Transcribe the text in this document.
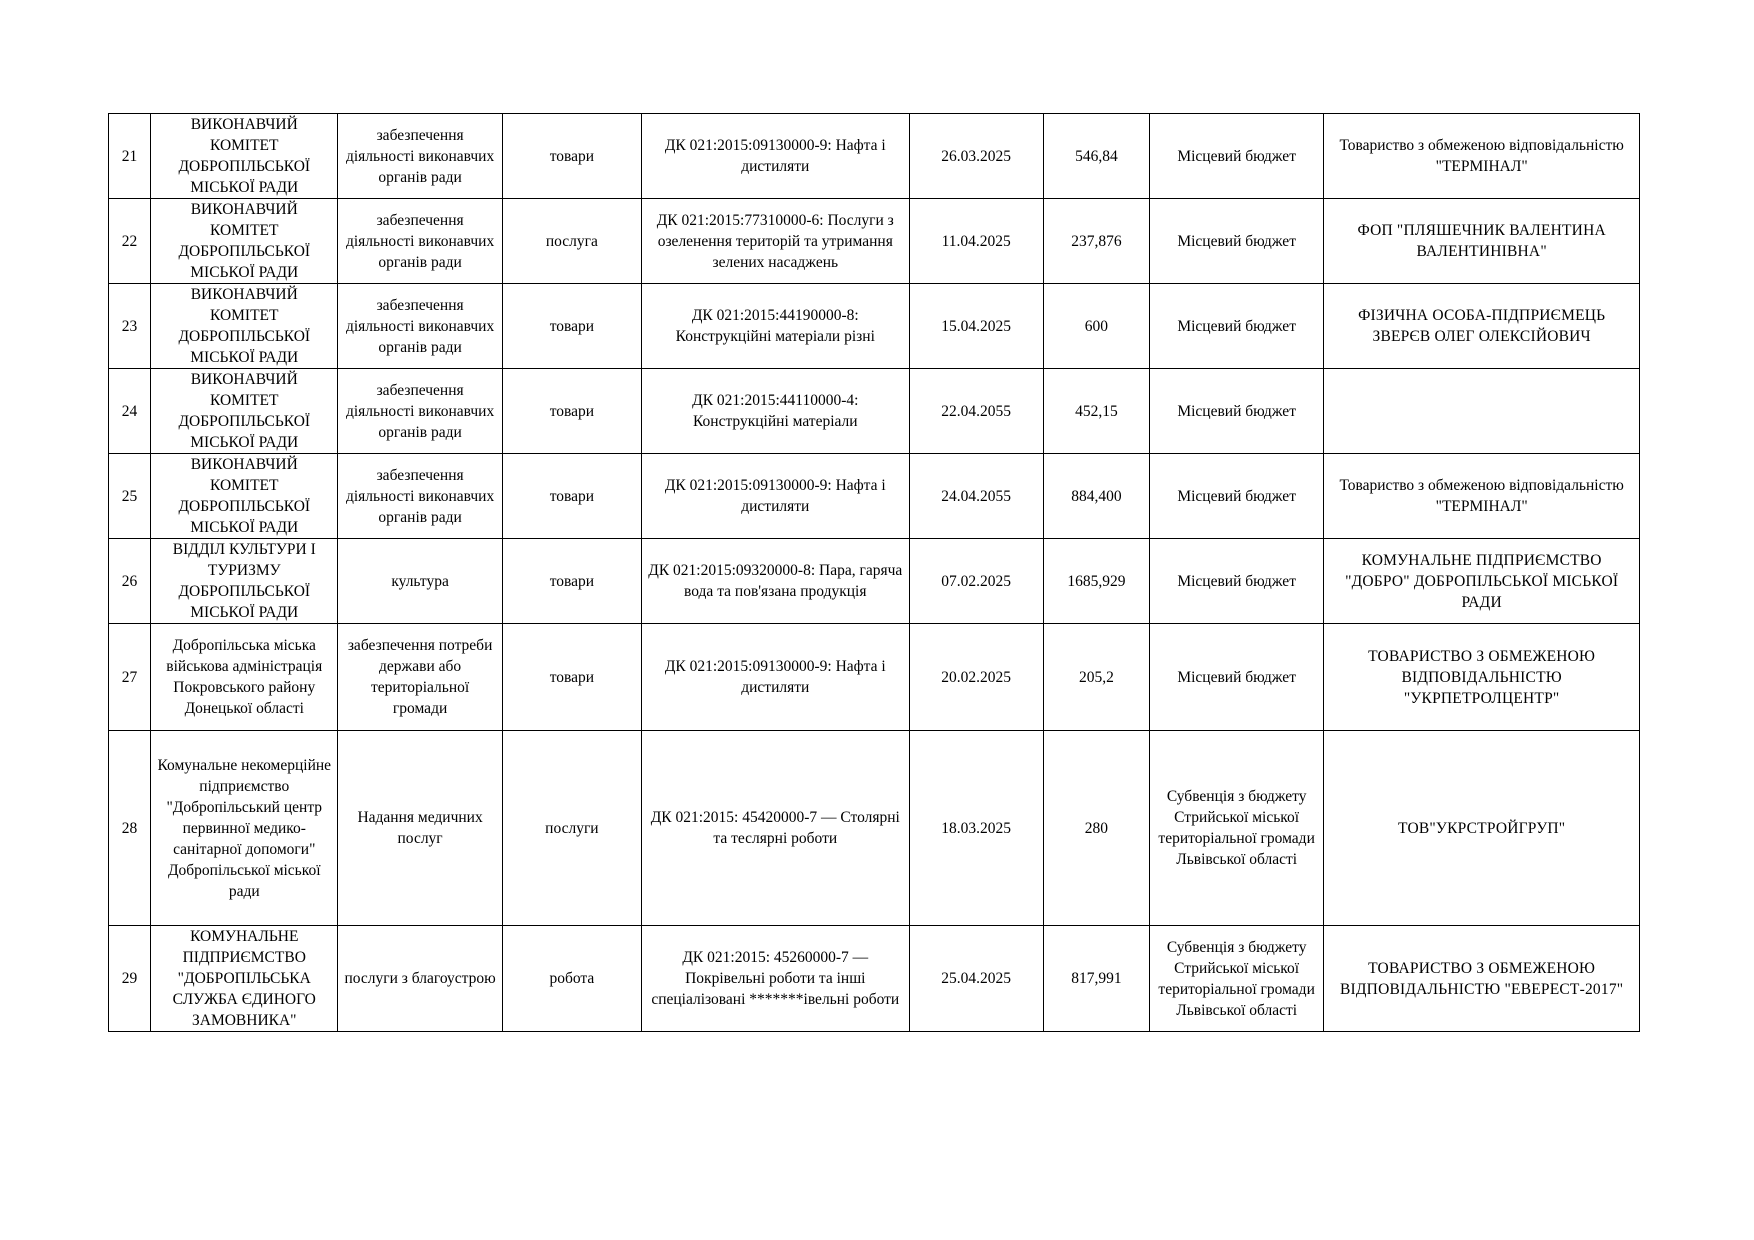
21	ВИКОНАВЧИЙ КОМІТЕТ ДОБРОПІЛЬСЬКОЇ МІСЬКОЇ РАДИ	забезпечення діяльності виконавчих органів ради	товари	ДК 021:2015:09130000-9: Нафта і дистиляти	26.03.2025	546,84	Місцевий бюджет	Товариство з обмеженою відповідальністю "ТЕРМІНАЛ"
22	ВИКОНАВЧИЙ КОМІТЕТ ДОБРОПІЛЬСЬКОЇ МІСЬКОЇ РАДИ	забезпечення діяльності виконавчих органів ради	послуга	ДК 021:2015:77310000-6: Послуги з озеленення територій та утримання зелених насаджень	11.04.2025	237,876	Місцевий бюджет	ФОП "ПЛЯШЕЧНИК ВАЛЕНТИНА ВАЛЕНТИНІВНА"
23	ВИКОНАВЧИЙ КОМІТЕТ ДОБРОПІЛЬСЬКОЇ МІСЬКОЇ РАДИ	забезпечення діяльності виконавчих органів ради	товари	ДК 021:2015:44190000-8: Конструкційні матеріали різні	15.04.2025	600	Місцевий бюджет	ФІЗИЧНА ОСОБА-ПІДПРИЄМЕЦЬ ЗВЕРЄВ ОЛЕГ ОЛЕКСІЙОВИЧ
24	ВИКОНАВЧИЙ КОМІТЕТ ДОБРОПІЛЬСЬКОЇ МІСЬКОЇ РАДИ	забезпечення діяльності виконавчих органів ради	товари	ДК 021:2015:44110000-4: Конструкційні матеріали	22.04.2055	452,15	Місцевий бюджет	
25	ВИКОНАВЧИЙ КОМІТЕТ ДОБРОПІЛЬСЬКОЇ МІСЬКОЇ РАДИ	забезпечення діяльності виконавчих органів ради	товари	ДК 021:2015:09130000-9: Нафта і дистиляти	24.04.2055	884,400	Місцевий бюджет	Товариство з обмеженою відповідальністю "ТЕРМІНАЛ"
26	ВІДДІЛ КУЛЬТУРИ І ТУРИЗМУ ДОБРОПІЛЬСЬКОЇ МІСЬКОЇ РАДИ	культура	товари	ДК 021:2015:09320000-8: Пара, гаряча вода та пов'язана продукція	07.02.2025	1685,929	Місцевий бюджет	КОМУНАЛЬНЕ ПІДПРИЄМСТВО "ДОБРО" ДОБРОПІЛЬСЬКОЇ МІСЬКОЇ РАДИ
27	Добропільська міська військова адміністрація Покровського району Донецької області	забезпечення потреби держави або територіальної громади	товари	ДК 021:2015:09130000-9: Нафта і дистиляти	20.02.2025	205,2	Місцевий бюджет	ТОВАРИСТВО З ОБМЕЖЕНОЮ ВІДПОВІДАЛЬНІСТЮ "УКРПЕТРОЛЦЕНТР"
28	Комунальне некомерційне підприємство "Добропільський центр первинної медико-санітарної допомоги" Добропільської міської ради	Надання медичних послуг	послуги	ДК 021:2015: 45420000-7 — Столярні та теслярні роботи	18.03.2025	280	Субвенція з бюджету Стрийської міської територіальної громади Львівської області	ТОВ"УКРСТРОЙГРУП"
29	КОМУНАЛЬНЕ ПІДПРИЄМСТВО "ДОБРОПІЛЬСЬКА СЛУЖБА ЄДИНОГО ЗАМОВНИКА"	послуги з благоустрою	робота	ДК 021:2015: 45260000-7 — Покрівельні роботи та інші спеціалізовані *******івельні роботи	25.04.2025	817,991	Субвенція з бюджету Стрийської міської територіальної громади Львівської області	ТОВАРИСТВО З ОБМЕЖЕНОЮ ВІДПОВІДАЛЬНІСТЮ "ЕВЕРЕСТ-2017"
